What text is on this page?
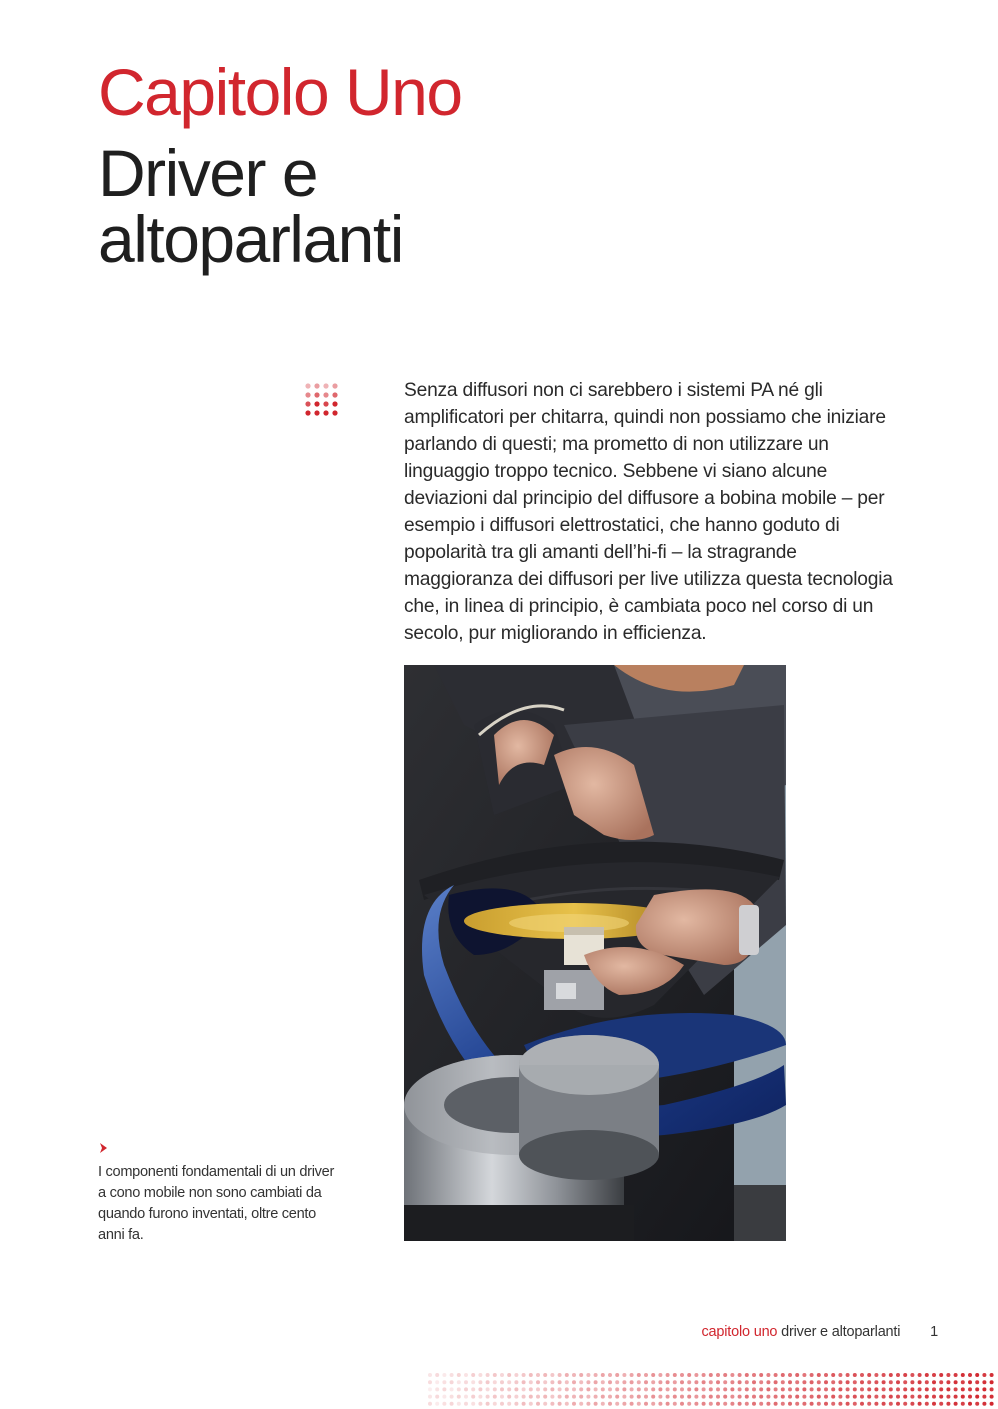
Capitolo Uno
Driver e
altoparlanti

Senza diffusori non ci sarebbero i sistemi PA né gli amplificatori per chitarra, quindi non possiamo che iniziare parlando di questi; ma prometto di non utilizzare un linguaggio troppo tecnico. Sebbene vi siano alcune deviazioni dal principio del diffusore a bobina mobile – per esempio i diffusori elettrostatici, che hanno goduto di popolarità tra gli amanti dell’hi-fi – la stragrande maggioranza dei diffusori per live utilizza questa tecnologia che, in linea di principio, è cambiata poco nel corso di un secolo, pur migliorando in efficienza.

I componenti fondamentali di un driver a cono mobile non sono cambiati da quando furono inventati, oltre cento anni fa.

capitolo uno driver e altoparlanti 1
